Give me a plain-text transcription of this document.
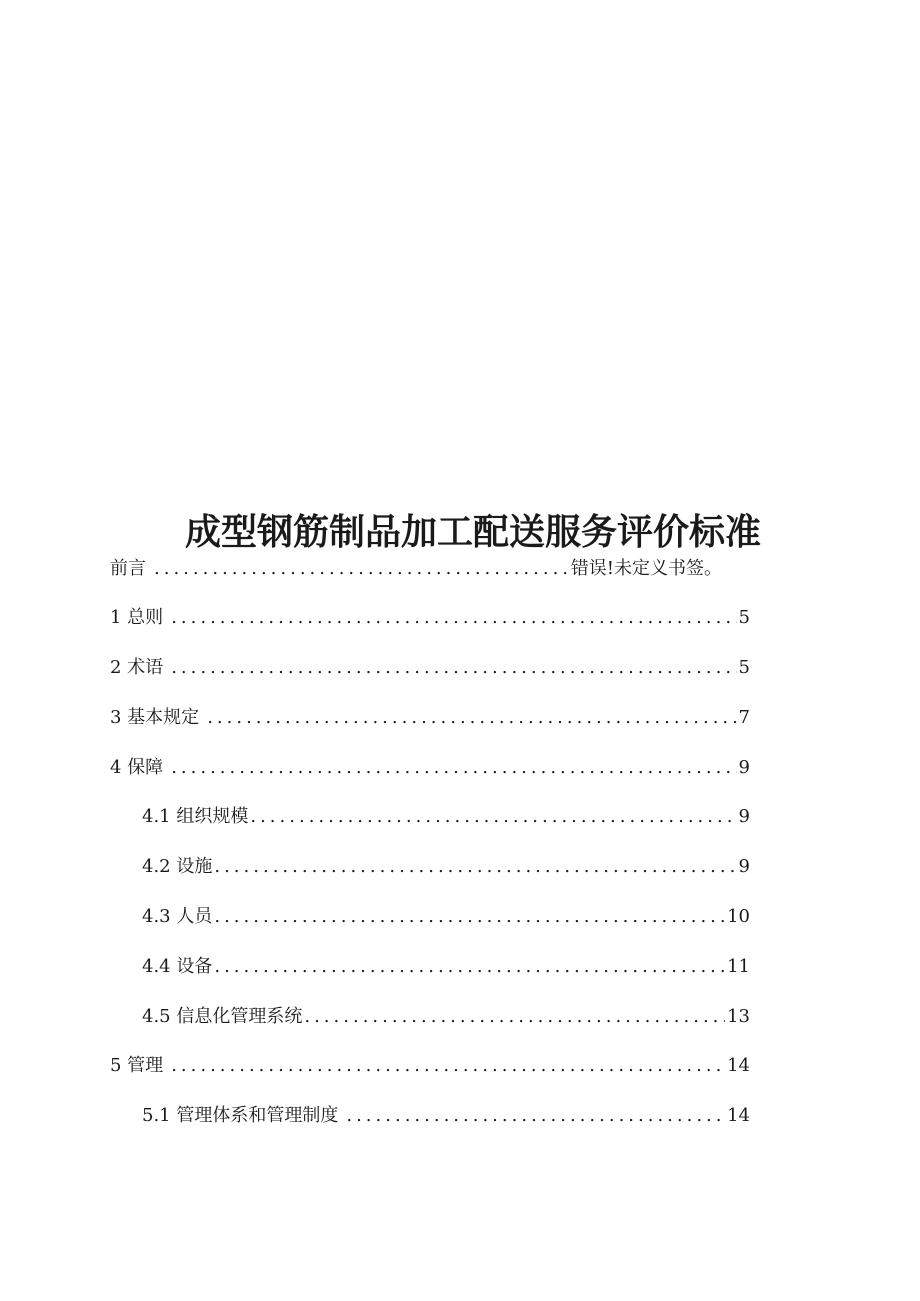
成型钢筋制品加工配送服务评价标准
前言 .....	错误!未定义书签。
1 总则 .....	5
2 术语 .....	5
3 基本规定 .....	7
4 保障 .....	9
4.1 组织规模 .....	9
4.2 设施 .....	9
4.3 人员 .....	10
4.4 设备 .....	11
4.5 信息化管理系统 .....	13
5 管理 .....	14
5.1 管理体系和管理制度 .....	14
